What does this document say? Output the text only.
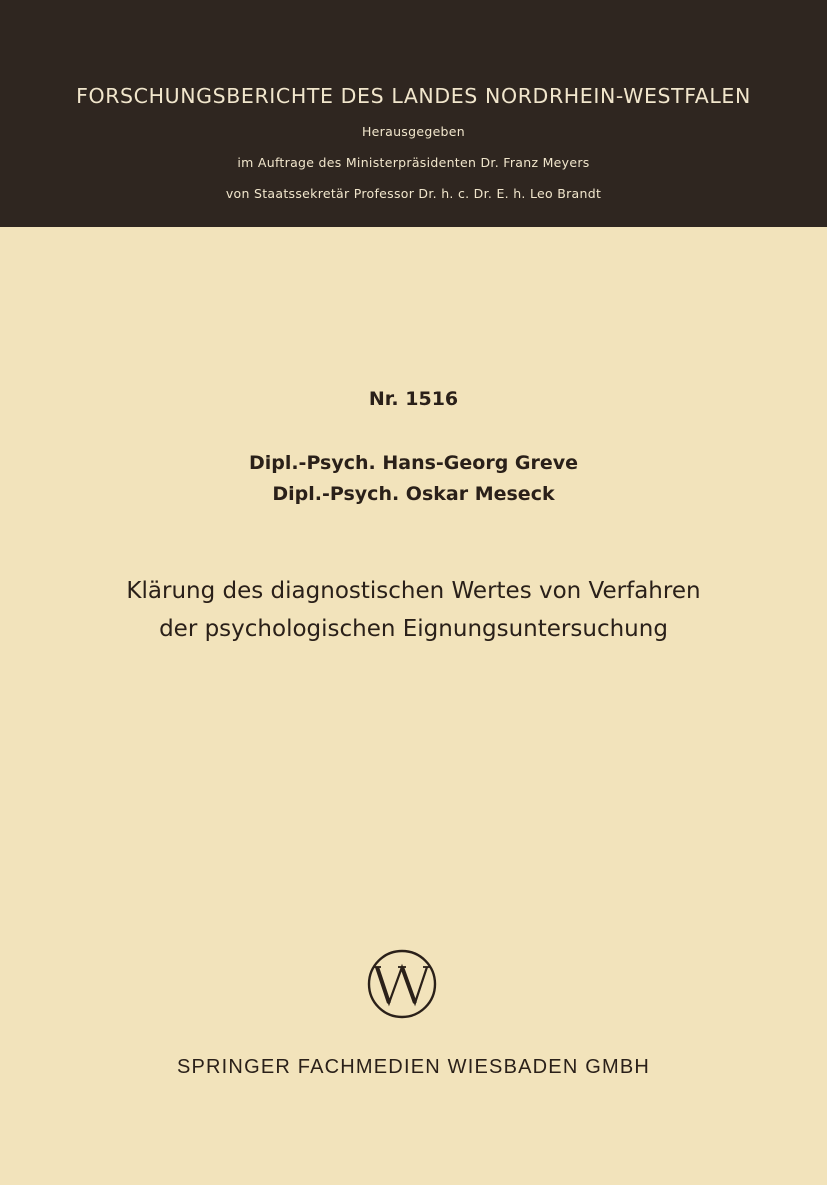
FORSCHUNGSBERICHTE DES LANDES NORDRHEIN-WESTFALEN
Herausgegeben
im Auftrage des Ministerpräsidenten Dr. Franz Meyers
von Staatssekretär Professor Dr. h. c. Dr. E. h. Leo Brandt
Nr. 1516
Dipl.-Psych. Hans-Georg Greve
Dipl.-Psych. Oskar Meseck
Klärung des diagnostischen Wertes von Verfahren
der psychologischen Eignungsuntersuchung
SPRINGER FACHMEDIEN WIESBADEN GMBH
